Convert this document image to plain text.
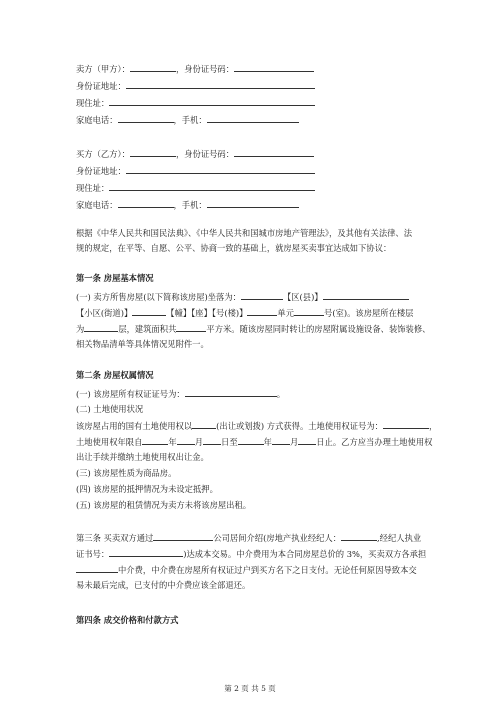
卖方（甲方）：	，身份证号码：
身份证地址：
现住址：
家庭电话：	，手机：
买方（乙方）：	，身份证号码：
身份证地址：
现住址：
家庭电话：	，手机：
根据《中华人民共和国民法典》、《中华人民共和国城市房地产管理法》，及其他有关法律、法
规的规定，在平等、自愿、公平、协商一致的基础上，就房屋买卖事宜达成如下协议：
第一条 房屋基本情况
(一) 卖方所售房屋(以下简称该房屋)坐落为：	【区(县)】
【小区(街道)】	【幢】【座】【号(楼)】	单元	号(室)。该房屋所在楼层
为	层，建筑面积共	平方米。随该房屋同时转让的房屋附属设施设备、装饰装修、
相关物品清单等具体情况见附件一。
第二条 房屋权属情况
(一) 该房屋所有权证证号为：	。
(二) 土地使用状况
该房屋占用的国有土地使用权以	(出让或划拨) 方式获得。土地使用权证号为：	，
土地使用权年限自	年 月 日至	年 月 日止。乙方应当办理土地使用权
出让手续并缴纳土地使用权出让金。
(三) 该房屋性质为商品房。
(四) 该房屋的抵押情况为未设定抵押。
(五) 该房屋的租赁情况为卖方未将该房屋出租。
第三条 买卖双方通过	公司居间介绍(房地产执业经纪人：	,经纪人执业
证书号：	)达成本交易。中介费用为本合同房屋总价的 3%，买卖双方各承担
中介费，中介费在房屋所有权证过户到买方名下之日支付。无论任何原因导致本交
易未最后完成，已支付的中介费应该全部退还。
第四条 成交价格和付款方式
第 2 页 共 5 页
